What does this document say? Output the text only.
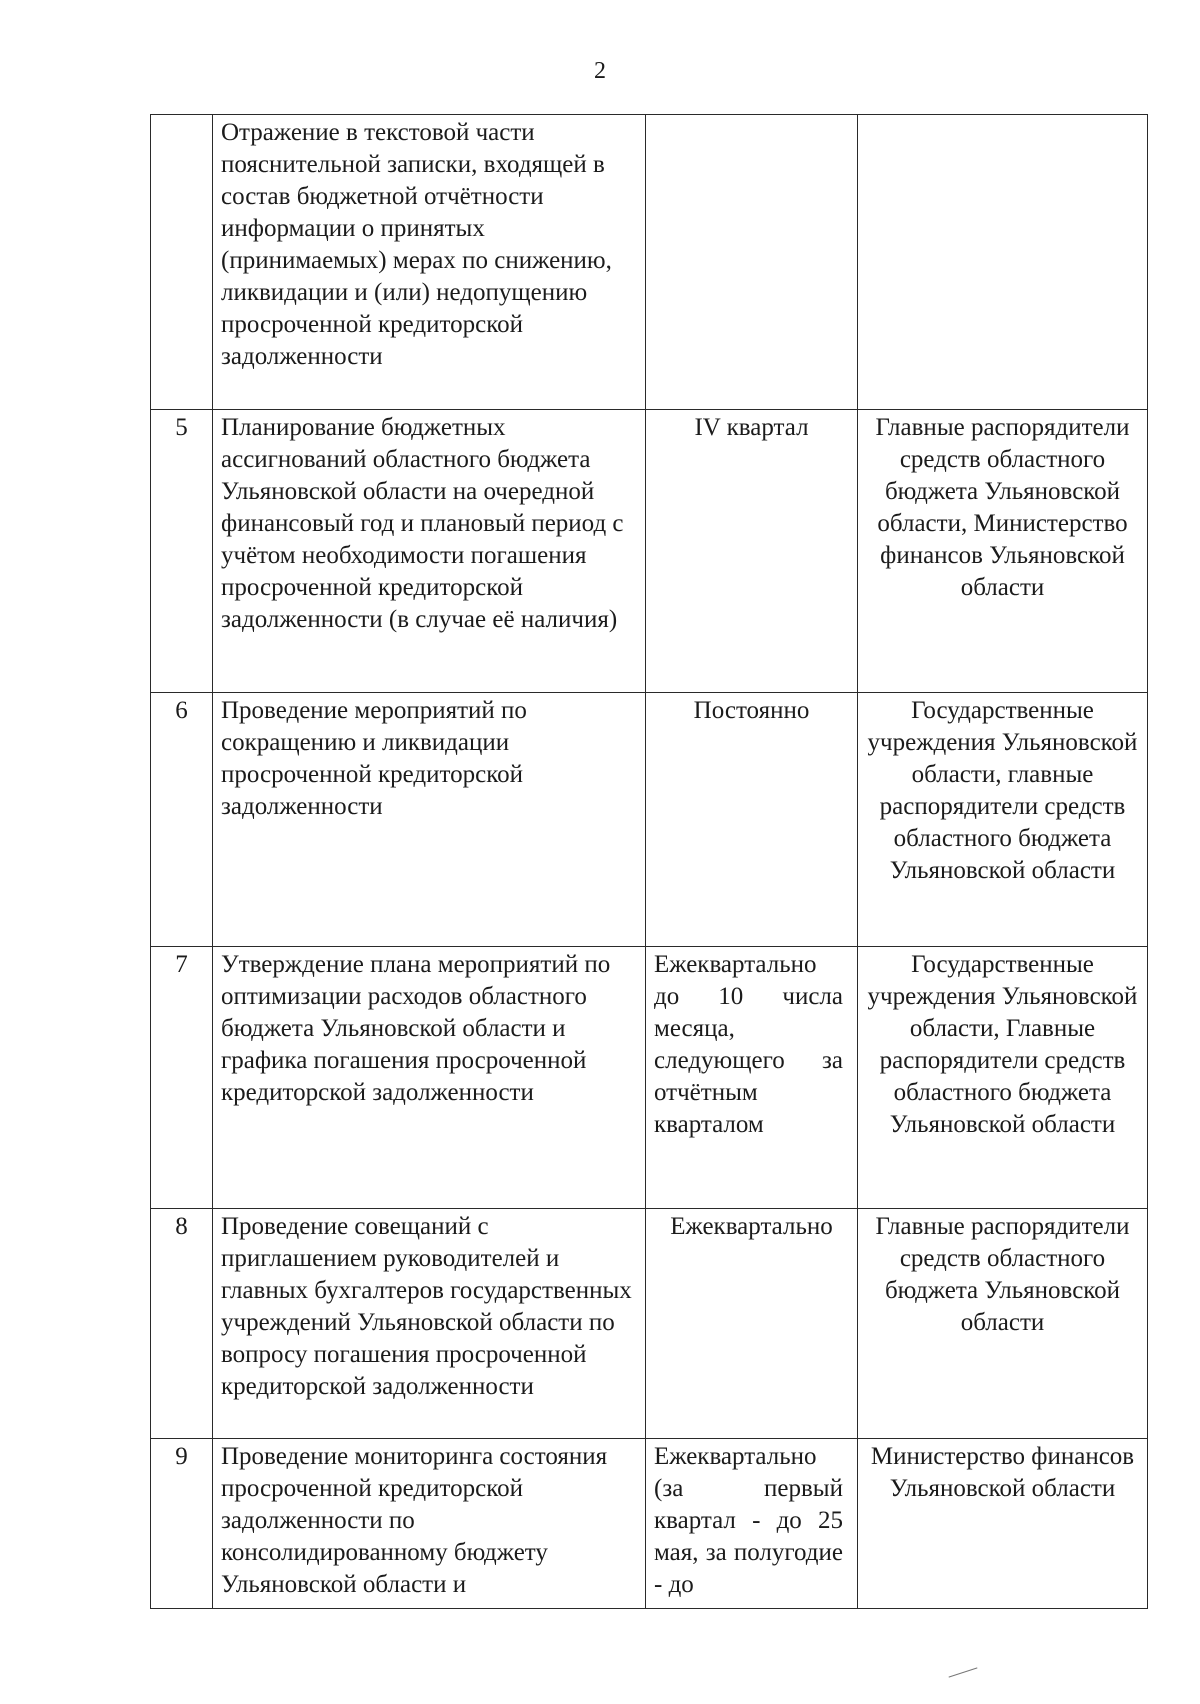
2
	Отражение в текстовой части пояснительной записки, входящей в состав бюджетной отчётности информации о принятых (принимаемых) мерах по снижению, ликвидации и (или) недопущению просроченной кредиторской задолженности		
5	Планирование бюджетных ассигнований областного бюджета Ульяновской области на очередной финансовый год и плановый период с учётом необходимости погашения просроченной кредиторской задолженности (в случае её наличия)	IV квартал	Главные распорядители средств областного бюджета Ульяновской области, Министерство финансов Ульяновской области
6	Проведение мероприятий по сокращению и ликвидации просроченной кредиторской задолженности	Постоянно	Государственные учреждения Ульяновской области, главные распорядители средств областного бюджета Ульяновской области
7	Утверждение плана мероприятий по оптимизации расходов областного бюджета Ульяновской области и графика погашения просроченной кредиторской задолженности	Ежеквартально до 10 числа месяца, следующего за отчётным кварталом	Государственные учреждения Ульяновской области, Главные распорядители средств областного бюджета Ульяновской области
8	Проведение совещаний с приглашением руководителей и главных бухгалтеров государственных учреждений Ульяновской области по вопросу погашения просроченной кредиторской задолженности	Ежеквартально	Главные распорядители средств областного бюджета Ульяновской области
9	Проведение мониторинга состояния просроченной кредиторской задолженности по консолидированному бюджету Ульяновской области и	Ежеквартально (за первый квартал - до 25 мая, за полугодие - до	Министерство финансов Ульяновской области
